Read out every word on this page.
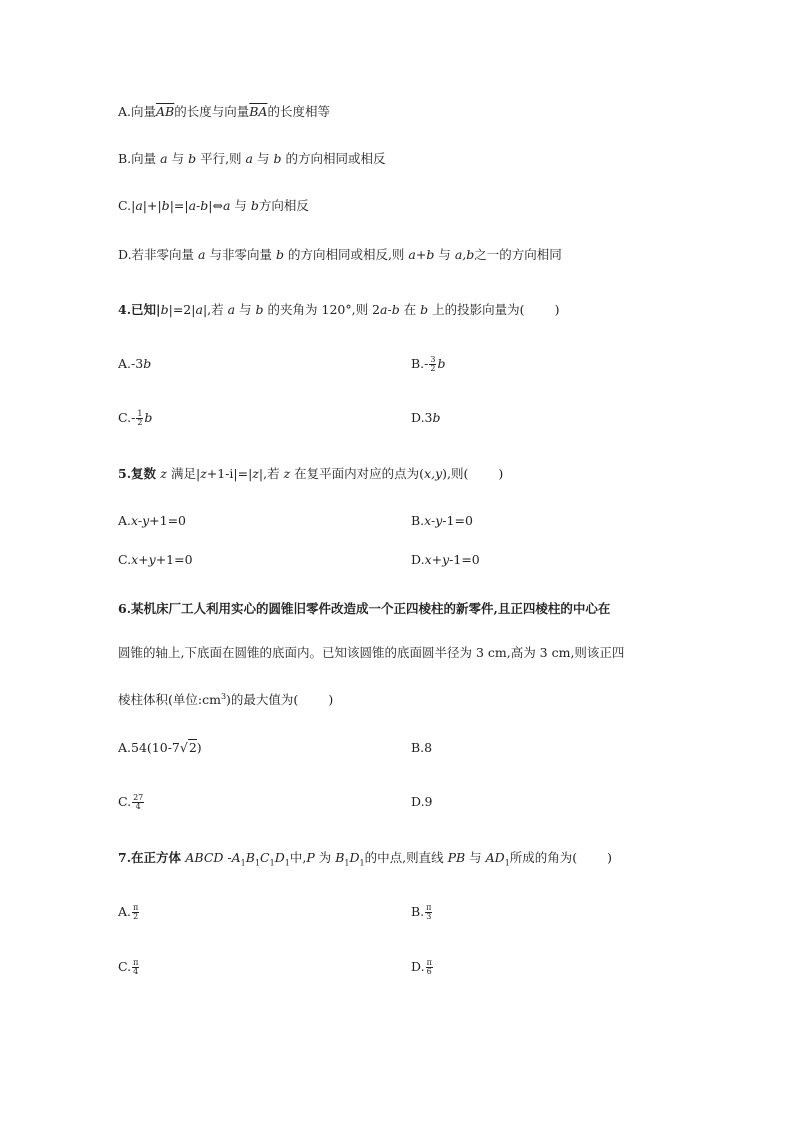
A.向量$\overline{AB}$的长度与向量$\overline{BA}$的长度相等
B.向量 a 与 b 平行,则 a 与 b 的方向相同或相反
C.|a|+|b|=|a-b|⇔a 与 b方向相反
D.若非零向量 a 与非零向量 b 的方向相同或相反,则 a+b 与 a,b之一的方向相同
4.已知|b|=2|a|,若 a 与 b 的夹角为 120°,则 2a-b 在 b 上的投影向量为( )
A.-3b	$B.- \frac{3}{2}$ b
$C.- \frac{1}{2}$ b	D.3b
5.复数 z 满足|z+1-i|=|z|,若 z 在复平面内对应的点为(x,y),则( )
A.x-y+1=0	B.x-y-1=0
C.x+y+1=0	D.x+y-1=0
6.某机床厂工人利用实心的圆锥旧零件改造成一个正四棱柱的新零件,且正四棱柱的中心在
圆锥的轴上,下底面在圆锥的底面内。已知该圆锥的底面圆半径为 3 cm,高为 3 cm,则该正四
棱柱体积(单位$:cm^3$)的最大值为( )
A.54(10-7√2)	B.8
C. $\frac{27}{4}$	D.9
7.在正方体 ABCD $-A_1B_1C_1D_1$中,P 为 $B_1D_1$的中点,则直线 PB 与 $AD_1$所成的角为( )
A. $\frac{\pi}{2}$	B. $\frac{\pi}{3}$
C. $\frac{\pi}{4}$	D. $\frac{\pi}{6}$
